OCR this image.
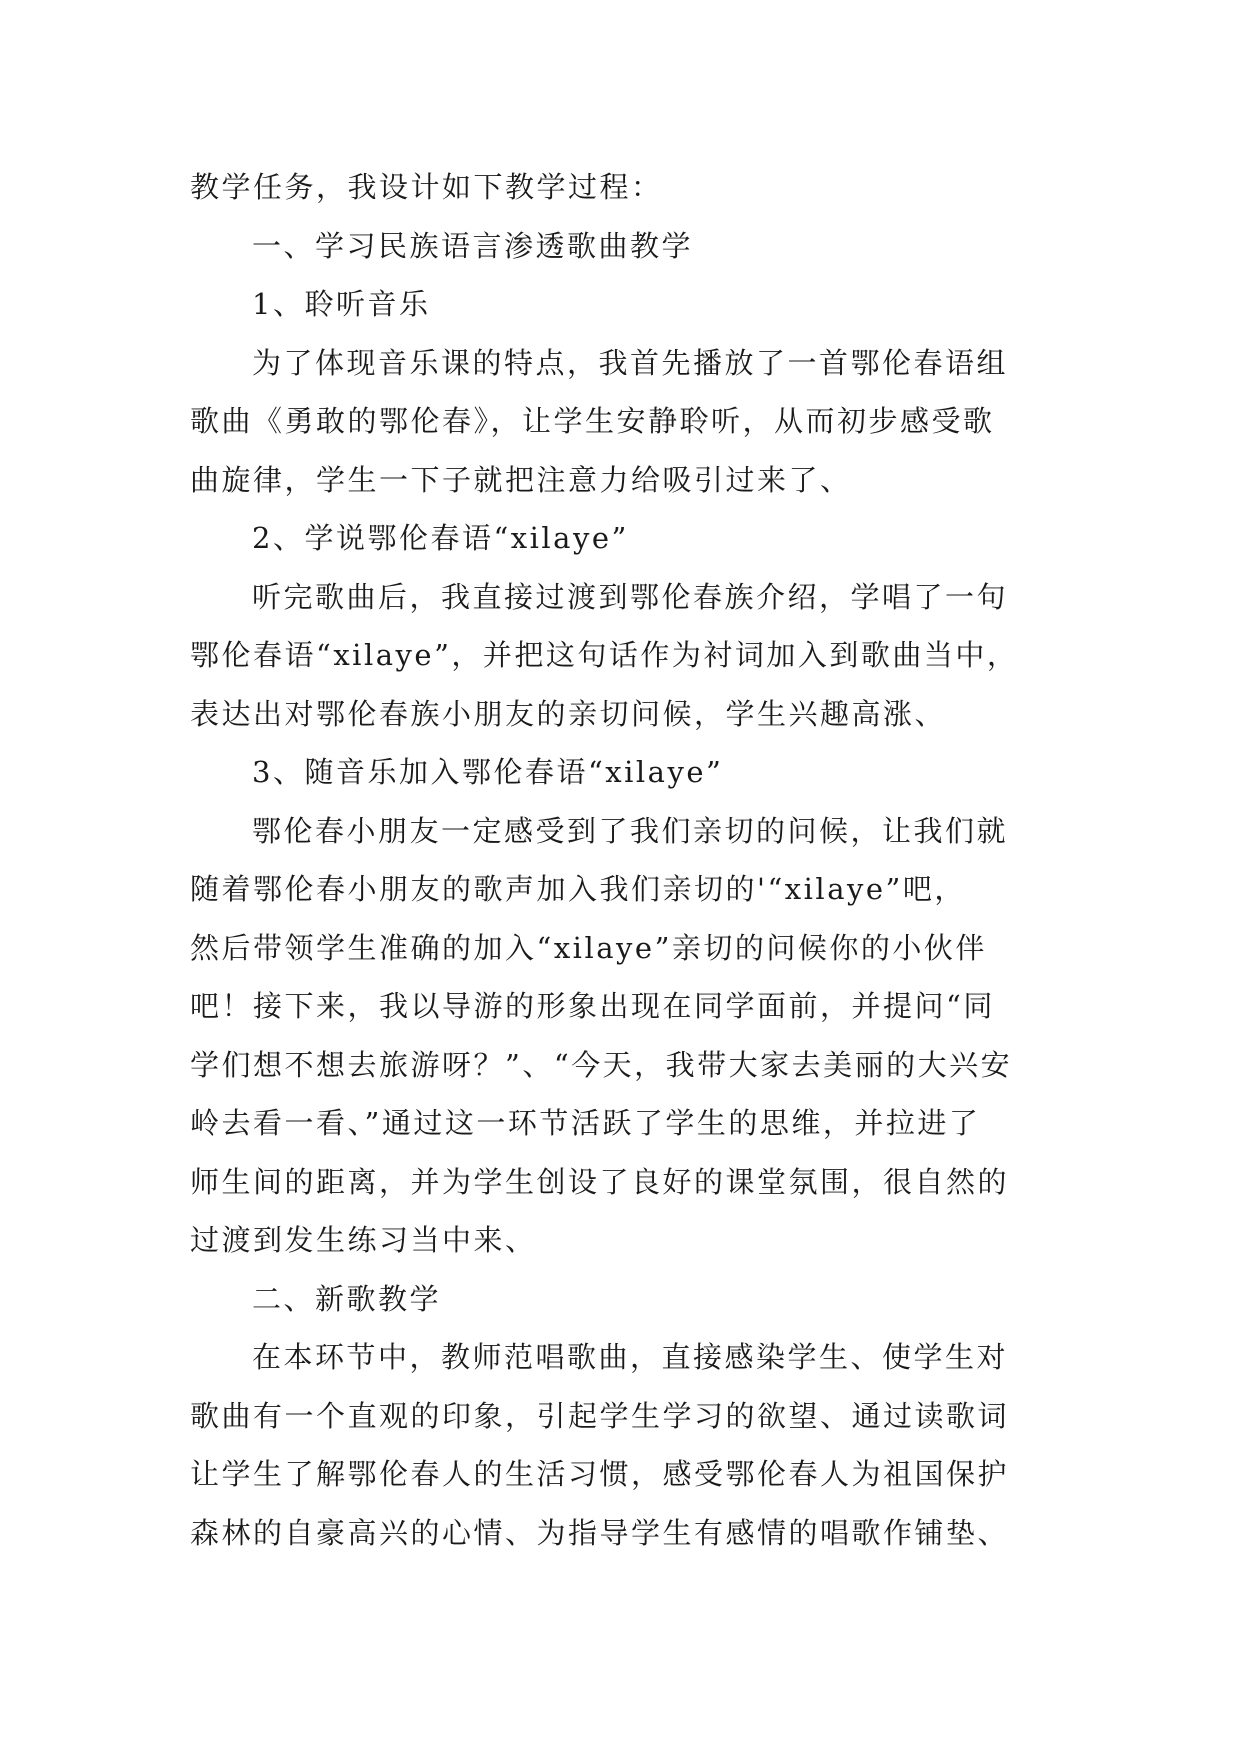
教学任务，我设计如下教学过程：
一、学习民族语言渗透歌曲教学
1、聆听音乐
为了体现音乐课的特点，我首先播放了一首鄂伦春语组
歌曲《勇敢的鄂伦春》，让学生安静聆听，从而初步感受歌
曲旋律，学生一下子就把注意力给吸引过来了、
2、学说鄂伦春语“xilaye”
听完歌曲后，我直接过渡到鄂伦春族介绍，学唱了一句
鄂伦春语“xilaye”，并把这句话作为衬词加入到歌曲当中，
表达出对鄂伦春族小朋友的亲切问候，学生兴趣高涨、
3、随音乐加入鄂伦春语“xilaye”
鄂伦春小朋友一定感受到了我们亲切的问候，让我们就
随着鄂伦春小朋友的歌声加入我们亲切的'“xilaye”吧，
然后带领学生准确的加入“xilaye”亲切的问候你的小伙伴
吧！接下来，我以导游的形象出现在同学面前，并提问“同
学们想不想去旅游呀？”、“今天，我带大家去美丽的大兴安
岭去看一看、”通过这一环节活跃了学生的思维，并拉进了
师生间的距离，并为学生创设了良好的课堂氛围，很自然的
过渡到发生练习当中来、
二、新歌教学
在本环节中，教师范唱歌曲，直接感染学生、使学生对
歌曲有一个直观的印象，引起学生学习的欲望、通过读歌词
让学生了解鄂伦春人的生活习惯，感受鄂伦春人为祖国保护
森林的自豪高兴的心情、为指导学生有感情的唱歌作铺垫、
